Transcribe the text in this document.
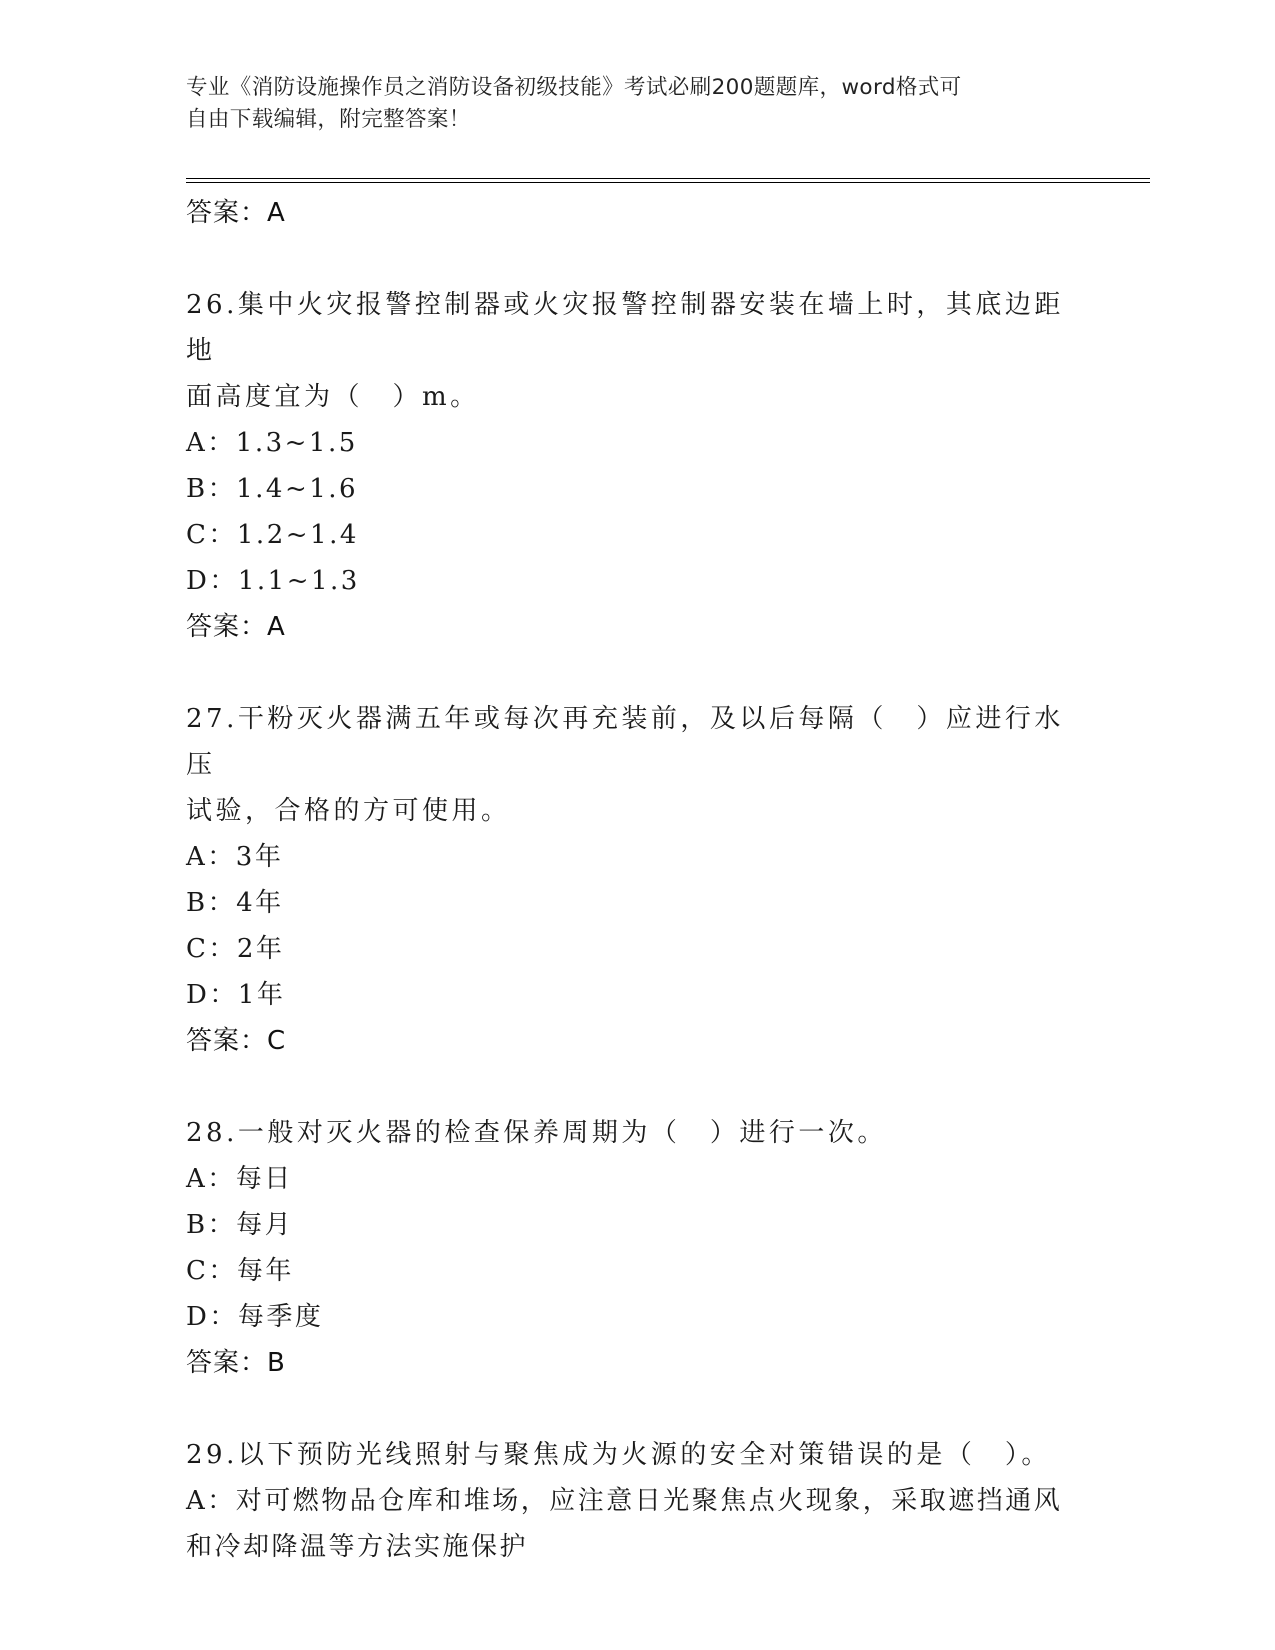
专业《消防设施操作员之消防设备初级技能》考试必刷200题题库，word格式可
自由下载编辑，附完整答案！
答案：A
26.集中火灾报警控制器或火灾报警控制器安装在墙上时，其底边距地
面高度宜为（　）m。
A：1.3~1.5
B：1.4~1.6
C：1.2~1.4
D：1.1~1.3
答案：A
27.干粉灭火器满五年或每次再充装前，及以后每隔（　）应进行水压
试验，合格的方可使用。
A：3年
B：4年
C：2年
D：1年
答案：C
28.一般对灭火器的检查保养周期为（　）进行一次。
A：每日
B：每月
C：每年
D：每季度
答案：B
29.以下预防光线照射与聚焦成为火源的安全对策错误的是（　）。
A：对可燃物品仓库和堆场，应注意日光聚焦点火现象，采取遮挡通风
和冷却降温等方法实施保护
